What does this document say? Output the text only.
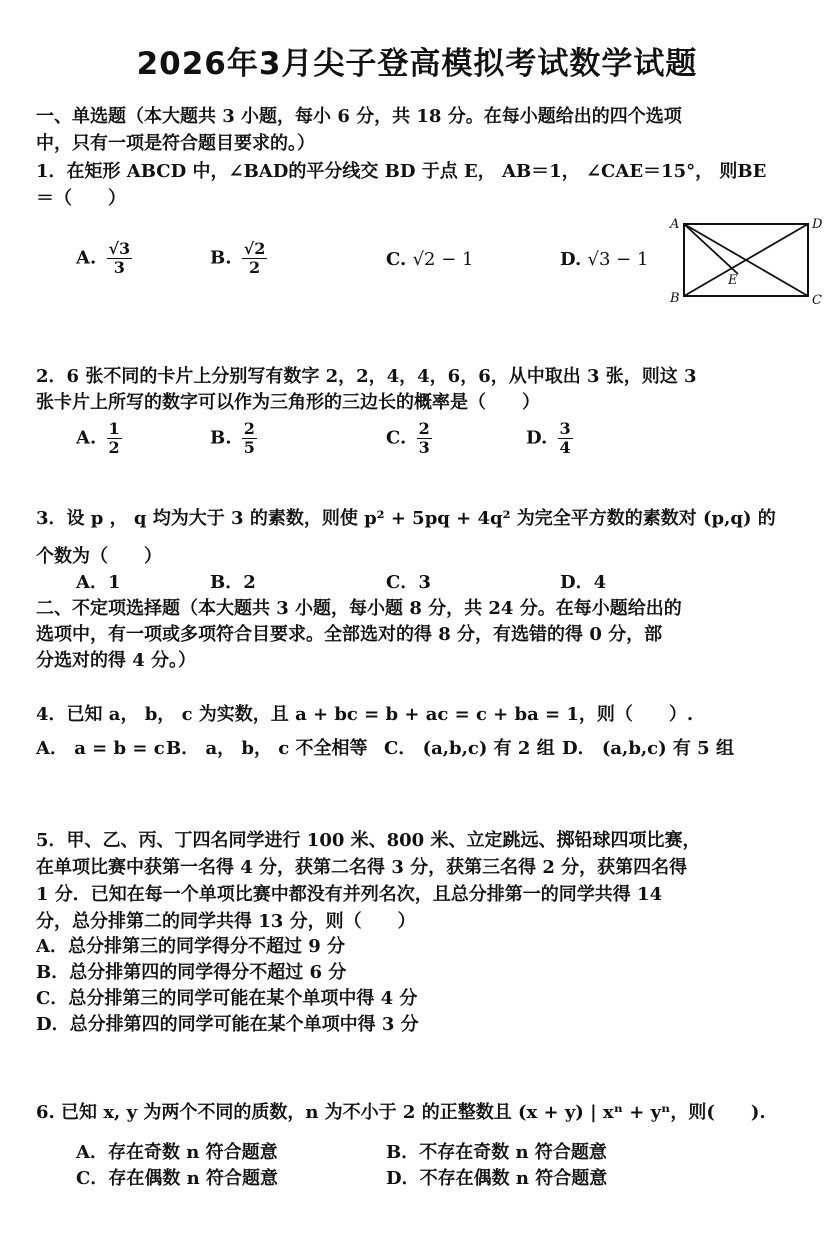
2026年3月尖子登高模拟考试数学试题
一、单选题（本大题共 3 小题，每小 6 分，共 18 分。在每小题给出的四个选项
中，只有一项是符合题目要求的。）
1．在矩形 ABCD 中，∠BAD的平分线交 BD 于点 E， AB＝1， ∠CAE＝15°， 则BE
＝（　　）
A. $\frac{√3}{3}$	B. $\frac{√2}{2}$	C. √2 − 1	D. √3 − 1
A	D
B	C
E
2．6 张不同的卡片上分别写有数字 2，2，4，4，6，6，从中取出 3 张，则这 3
张卡片上所写的数字可以作为三角形的三边长的概率是（　　）
A. $\frac{1}{2}$	B. $\frac{2}{5}$	C. $\frac{2}{3}$	D. $\frac{3}{4}$
3．设 p ， q 均为大于 3 的素数，则使 p² + 5pq + 4q² 为完全平方数的素数对 (p,q) 的
个数为（　　）
A．1	B．2	C．3	D．4
二、不定项选择题（本大题共 3 小题，每小题 8 分，共 24 分。在每小题给出的
选项中，有一项或多项符合目要求。全部选对的得 8 分，有选错的得 0 分，部
分选对的得 4 分。）
4．已知 a， b， c 为实数，且 a + bc = b + ac = c + ba = 1，则（　　）.
A． a = b = c B． a， b， c 不全相等 C． (a,b,c) 有 2 组 D． (a,b,c) 有 5 组
5．甲、乙、丙、丁四名同学进行 100 米、800 米、立定跳远、掷铅球四项比赛，
在单项比赛中获第一名得 4 分，获第二名得 3 分，获第三名得 2 分，获第四名得
1 分．已知在每一个单项比赛中都没有并列名次，且总分排第一的同学共得 14
分，总分排第二的同学共得 13 分，则（　　）
A．总分排第三的同学得分不超过 9 分
B．总分排第四的同学得分不超过 6 分
C．总分排第三的同学可能在某个单项中得 4 分
D．总分排第四的同学可能在某个单项中得 3 分
6. 已知 x, y 为两个不同的质数，n 为不小于 2 的正整数且 (x + y) | xⁿ + yⁿ，则(　　).
A．存在奇数 n 符合题意	B．不存在奇数 n 符合题意
C．存在偶数 n 符合题意	D．不存在偶数 n 符合题意
